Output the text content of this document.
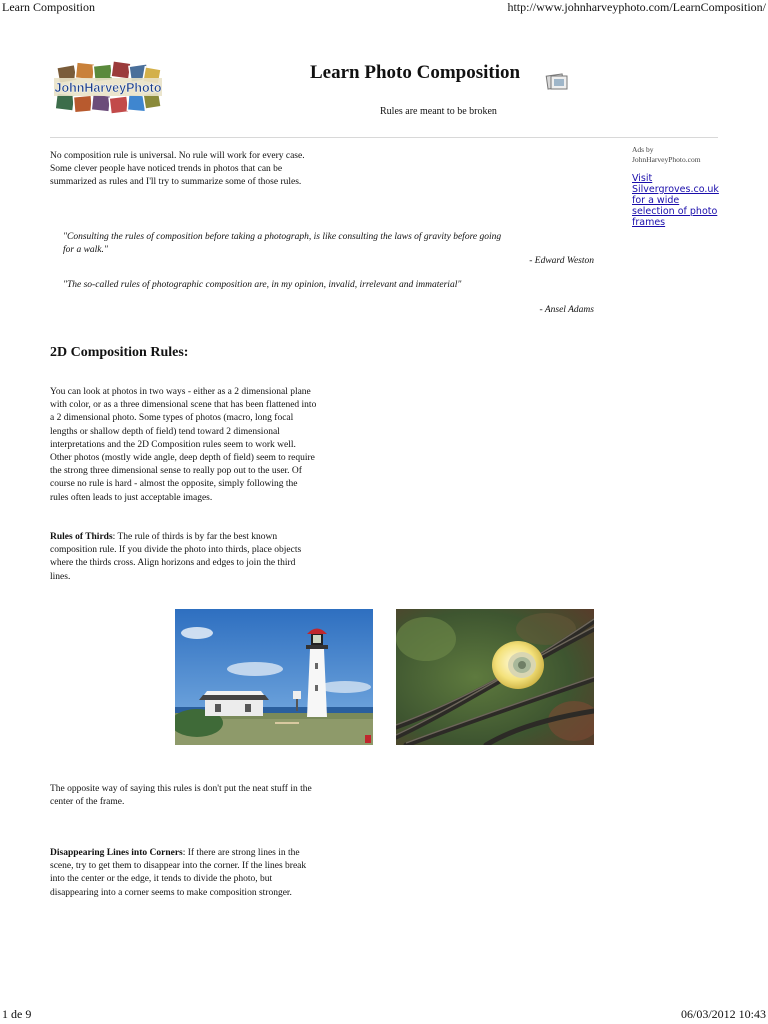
Learn Composition	http://www.johnharveyphoto.com/LearnComposition/
1 de 9	06/03/2012 10:43
JohnHarveyPhoto
Learn Photo Composition
Rules are meant to be broken
Ads by JohnHarveyPhoto.com
Visit Silvergroves.co.uk for a wide selection of photo frames
No composition rule is universal. No rule will work for every case. Some clever people have noticed trends in photos that can be summarized as rules and I'll try to summarize some of those rules.
"Consulting the rules of composition before taking a photograph, is like consulting the laws of gravity before going for a walk."
- Edward Weston
"The so-called rules of photographic composition are, in my opinion, invalid, irrelevant and immaterial"
- Ansel Adams
2D Composition Rules:
You can look at photos in two ways - either as a 2 dimensional plane with color, or as a three dimensional scene that has been flattened into a 2 dimensional photo. Some types of photos (macro, long focal lengths or shallow depth of field) tend toward 2 dimensional interpretations and the 2D Composition rules seem to work well. Other photos (mostly wide angle, deep depth of field) seem to require the strong three dimensional sense to really pop out to the user. Of course no rule is hard - almost the opposite, simply following the rules often leads to just acceptable images.
Rules of Thirds: The rule of thirds is by far the best known composition rule. If you divide the photo into thirds, place objects where the thirds cross. Align horizons and edges to join the third lines.
The opposite way of saying this rules is don't put the neat stuff in the center of the frame.
Disappearing Lines into Corners: If there are strong lines in the scene, try to get them to disappear into the corner. If the lines break into the center or the edge, it tends to divide the photo, but disappearing into a corner seems to make composition stronger.
